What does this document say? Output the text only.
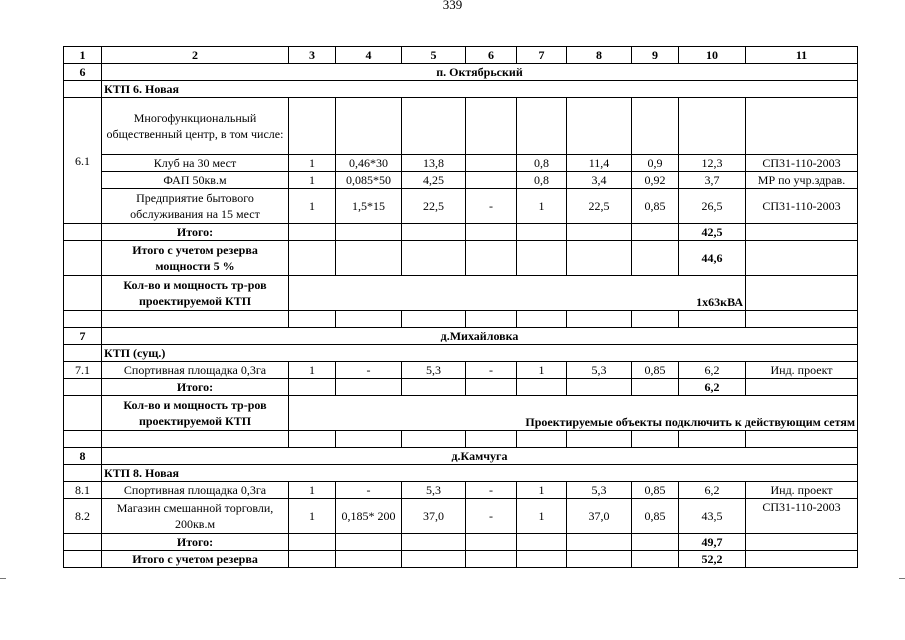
339
1	2	3	4	5	6	7	8	9	10	11
6	п. Октябрьский									
	КТП 6. Новая									
6.1	Многофункциональный общественный центр, в том числе:									
	Клуб на 30 мест	1	0,46*30	13,8		0,8	11,4	0,9	12,3	СП31-110-2003
	ФАП 50кв.м	1	0,085*50	4,25		0,8	3,4	0,92	3,7	МР по учр.здрав.
	Предприятие бытового обслуживания на 15 мест	1	1,5*15	22,5	-	1	22,5	0,85	26,5	СП31-110-2003
	Итого:								42,5	
	Итого с учетом резерва мощности 5 %								44,6	
	Кол-во и мощность тр-ров проектируемой КТП	1х63кВА								

7	д.Михайловка									
	КТП (сущ.)									
7.1	Спортивная площадка 0,3га	1	-	5,3	-	1	5,3	0,85	6,2	Инд. проект
	Итого:								6,2	
	Кол-во и мощность тр-ров проектируемой КТП	Проектируемые объекты подключить к действующим сетям								

8	д.Камчуга									
	КТП 8. Новая									
8.1	Спортивная площадка 0,3га	1	-	5,3	-	1	5,3	0,85	6,2	Инд. проект
8.2	Магазин смешанной торговли, 200кв.м	1	0,185* 200	37,0	-	1	37,0	0,85	43,5	СП31-110-2003
	Итого:								49,7	
	Итого с учетом резерва								52,2	
